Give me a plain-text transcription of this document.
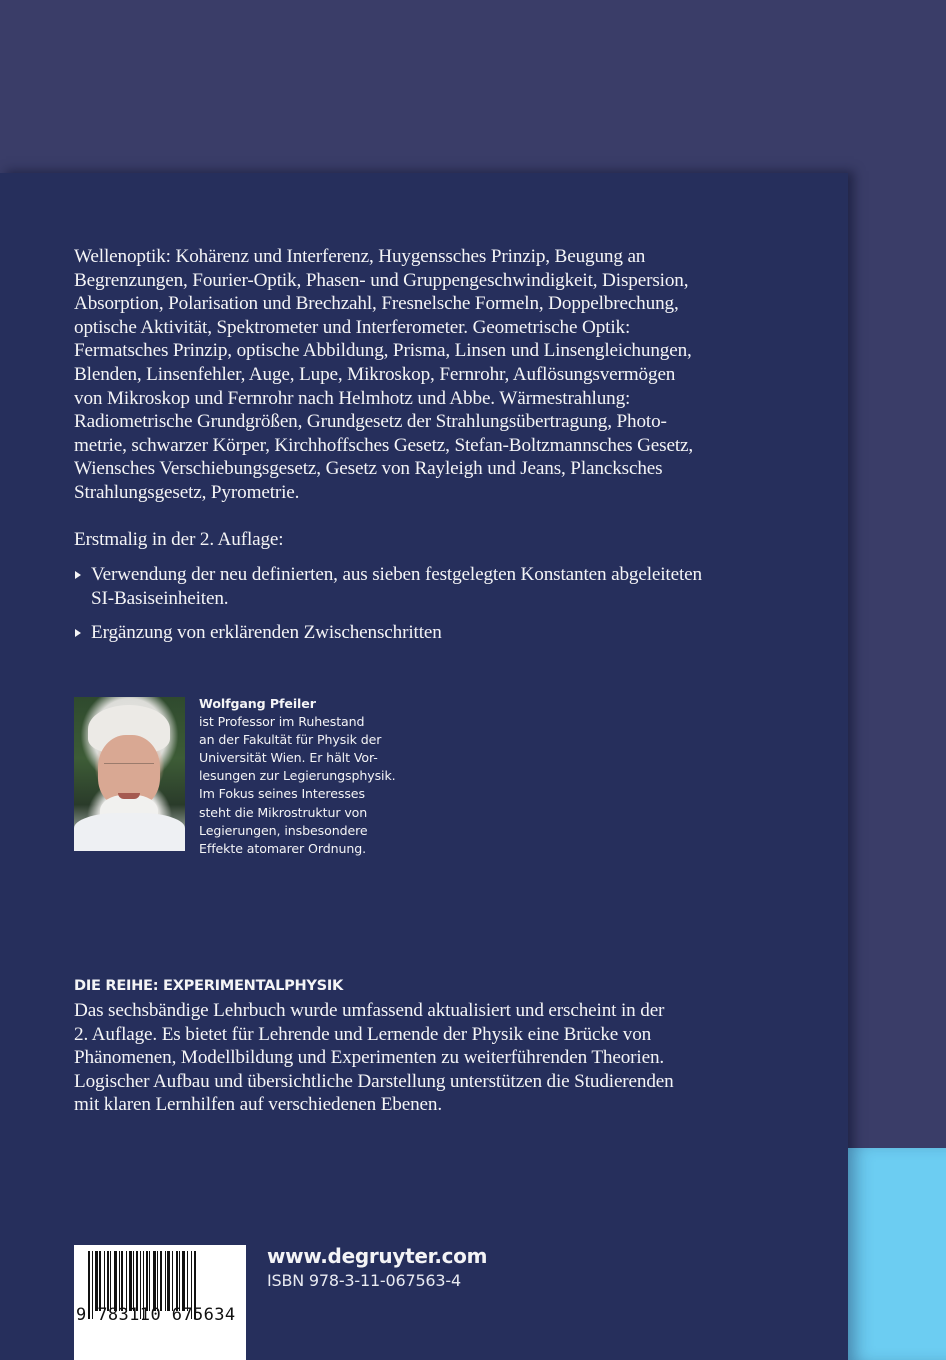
Wellenoptik: Kohärenz und Interferenz, Huygenssches Prinzip, Beugung an
Begrenzungen, Fourier-Optik, Phasen- und Gruppengeschwindigkeit, Dispersion,
Absorption, Polarisation und Brechzahl, Fresnelsche Formeln, Doppelbrechung,
optische Aktivität, Spektrometer und Interferometer. Geometrische Optik:
Fermatsches Prinzip, optische Abbildung, Prisma, Linsen und Linsengleichungen,
Blenden, Linsenfehler, Auge, Lupe, Mikroskop, Fernrohr, Auflösungsvermögen
von Mikroskop und Fernrohr nach Helmhotz und Abbe. Wärmestrahlung:
Radiometrische Grundgrößen, Grundgesetz der Strahlungsübertragung, Photo-
metrie, schwarzer Körper, Kirchhoffsches Gesetz, Stefan-Boltzmannsches Gesetz,
Wiensches Verschiebungsgesetz, Gesetz von Rayleigh und Jeans, Plancksches
Strahlungsgesetz, Pyrometrie.
Erstmalig in der 2. Auflage:
Verwendung der neu definierten, aus sieben festgelegten Konstanten abgeleiteten
SI-Basiseinheiten.
Ergänzung von erklärenden Zwischenschritten
Wolfgang Pfeiler
ist Professor im Ruhestand
an der Fakultät für Physik der
Universität Wien. Er hält Vor-
lesungen zur Legierungsphysik.
Im Fokus seines Interesses
steht die Mikrostruktur von
Legierungen, insbesondere
Effekte atomarer Ordnung.
DIE REIHE: EXPERIMENTALPHYSIK
Das sechsbändige Lehrbuch wurde umfassend aktualisiert und erscheint in der
2. Auflage. Es bietet für Lehrende und Lernende der Physik eine Brücke von
Phänomenen, Modellbildung und Experimenten zu weiterführenden Theorien.
Logischer Aufbau und übersichtliche Darstellung unterstützen die Studierenden
mit klaren Lernhilfen auf verschiedenen Ebenen.
9 783110 675634
www.degruyter.com
ISBN 978-3-11-067563-4
